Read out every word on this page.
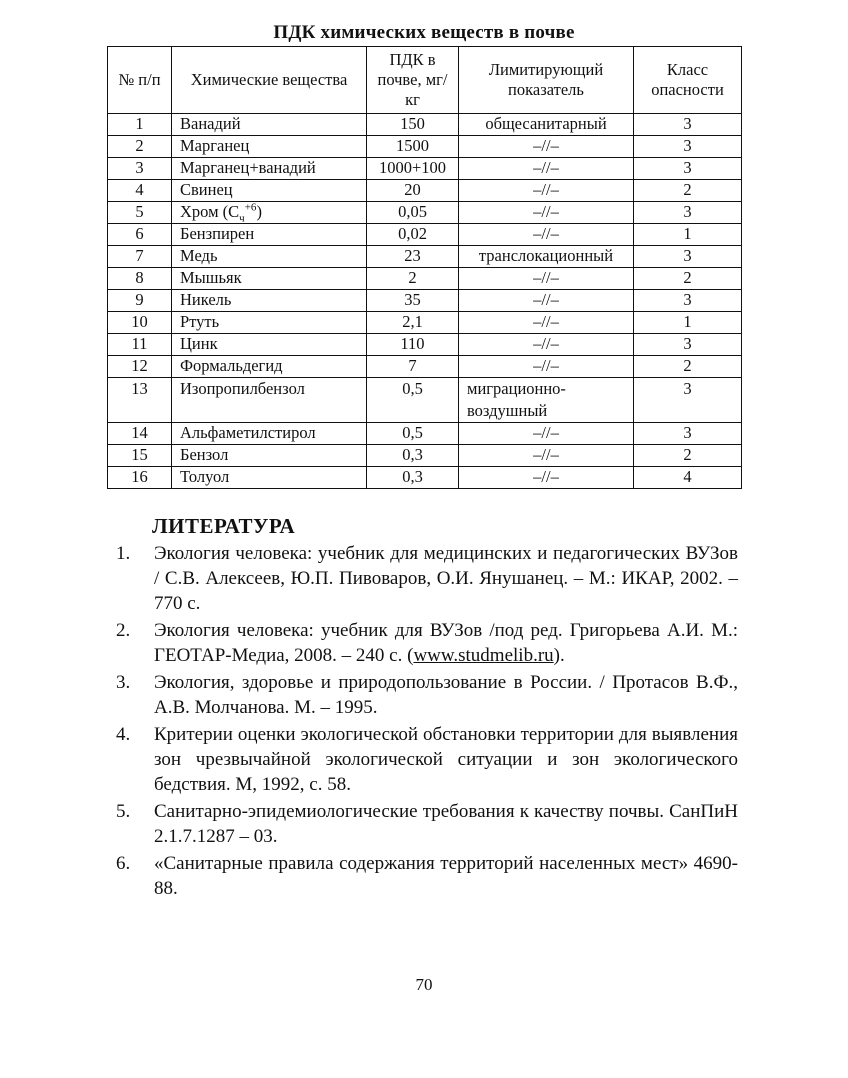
ПДК химических веществ в почве
№ п/п	Химические вещества	ПДК в почве, мг/кг	Лимитирующий показатель	Класс опасности
1	Ванадий	150	общесанитарный	3
2	Марганец	1500	–//–	3
3	Марганец+ванадий	1000+100	–//–	3
4	Свинец	20	–//–	2
5	Хром $(С_ч^{+6})$	0,05	–//–	3
6	Бензпирен	0,02	–//–	1
7	Медь	23	транслокационный	3
8	Мышьяк	2	–//–	2
9	Никель	35	–//–	3
10	Ртуть	2,1	–//–	1
11	Цинк	110	–//–	3
12	Формальдегид	7	–//–	2
13	Изопропилбензол	0,5	миграционно-воздушный	3
14	Альфаметилстирол	0,5	–//–	3
15	Бензол	0,3	–//–	2
16	Толуол	0,3	–//–	4
ЛИТЕРАТУРА
1. Экология человека: учебник для медицинских и педагогических ВУЗов / С.В. Алексеев, Ю.П. Пивоваров, О.И. Янушанец. – М.: ИКАР, 2002. – 770 с.
2. Экология человека: учебник для ВУЗов /под ред. Григорьева А.И. М.: ГЕОТАР-Медиа, 2008. – 240 с. (www.studmelib.ru).
3. Экология, здоровье и природопользование в России. / Протасов В.Ф., А.В. Молчанова. М. – 1995.
4. Критерии оценки экологической обстановки территории для выявления зон чрезвычайной экологической ситуации и зон экологического бедствия. М, 1992, с. 58.
5. Санитарно-эпидемиологические требования к качеству почвы. СанПиН 2.1.7.1287 – 03.
6. «Санитарные правила содержания территорий населенных мест» 4690-88.
70
